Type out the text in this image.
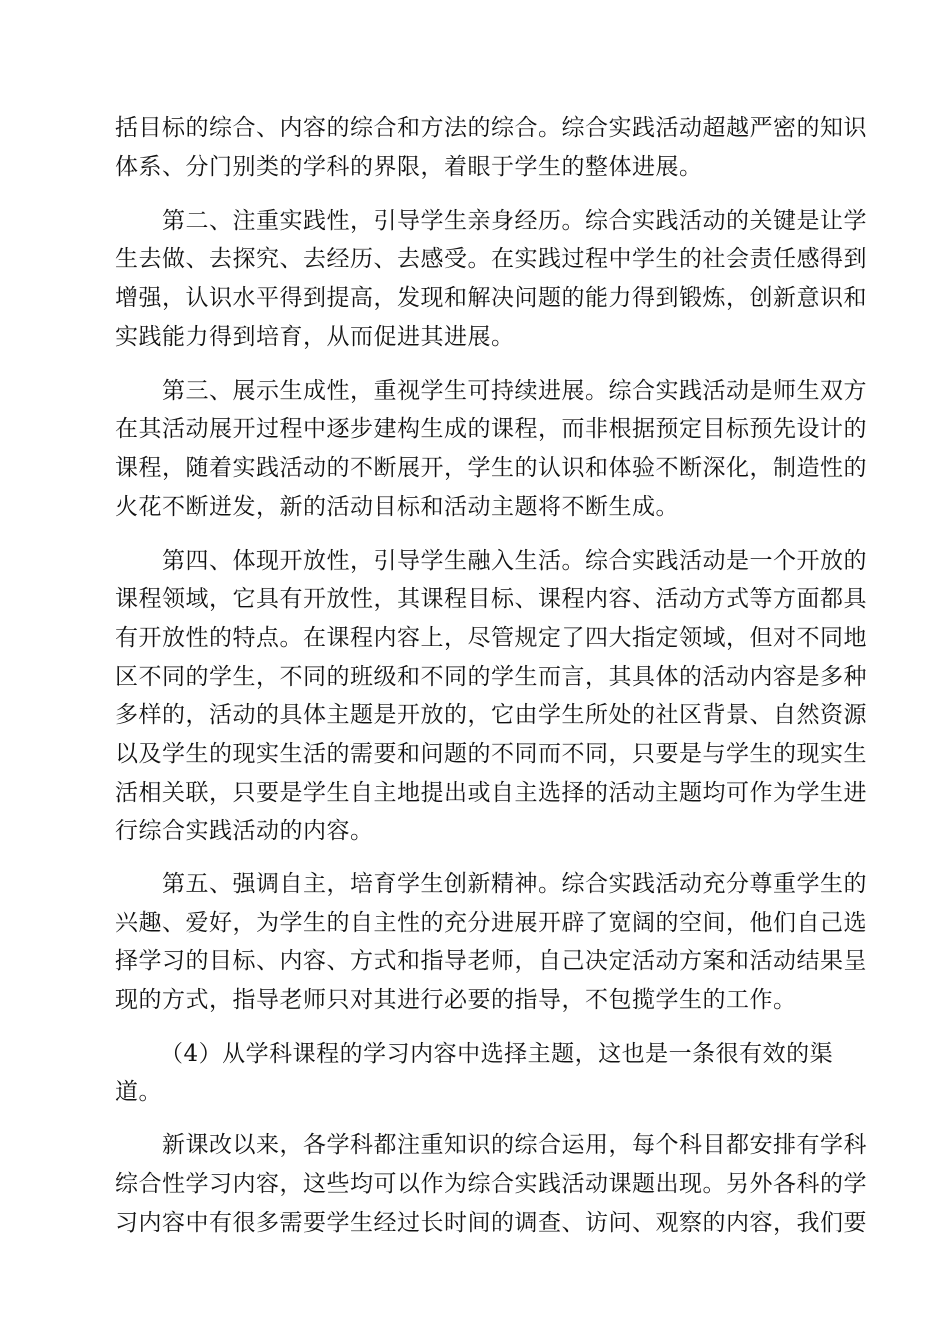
括目标的综合、内容的综合和方法的综合。综合实践活动超越严密的知识
体系、分门别类的学科的界限，着眼于学生的整体进展。
第二、注重实践性，引导学生亲身经历。综合实践活动的关键是让学
生去做、去探究、去经历、去感受。在实践过程中学生的社会责任感得到
增强，认识水平得到提高，发现和解决问题的能力得到锻炼，创新意识和
实践能力得到培育，从而促进其进展。
第三、展示生成性，重视学生可持续进展。综合实践活动是师生双方
在其活动展开过程中逐步建构生成的课程，而非根据预定目标预先设计的
课程，随着实践活动的不断展开，学生的认识和体验不断深化，制造性的
火花不断迸发，新的活动目标和活动主题将不断生成。
第四、体现开放性，引导学生融入生活。综合实践活动是一个开放的
课程领域，它具有开放性，其课程目标、课程内容、活动方式等方面都具
有开放性的特点。在课程内容上，尽管规定了四大指定领域，但对不同地
区不同的学生，不同的班级和不同的学生而言，其具体的活动内容是多种
多样的，活动的具体主题是开放的，它由学生所处的社区背景、自然资源
以及学生的现实生活的需要和问题的不同而不同，只要是与学生的现实生
活相关联，只要是学生自主地提出或自主选择的活动主题均可作为学生进
行综合实践活动的内容。
第五、强调自主，培育学生创新精神。综合实践活动充分尊重学生的
兴趣、爱好，为学生的自主性的充分进展开辟了宽阔的空间，他们自己选
择学习的目标、内容、方式和指导老师，自己决定活动方案和活动结果呈
现的方式，指导老师只对其进行必要的指导，不包揽学生的工作。
（4）从学科课程的学习内容中选择主题，这也是一条很有效的渠
道。
新课改以来，各学科都注重知识的综合运用，每个科目都安排有学科
综合性学习内容，这些均可以作为综合实践活动课题出现。另外各科的学
习内容中有很多需要学生经过长时间的调查、访问、观察的内容，我们要
